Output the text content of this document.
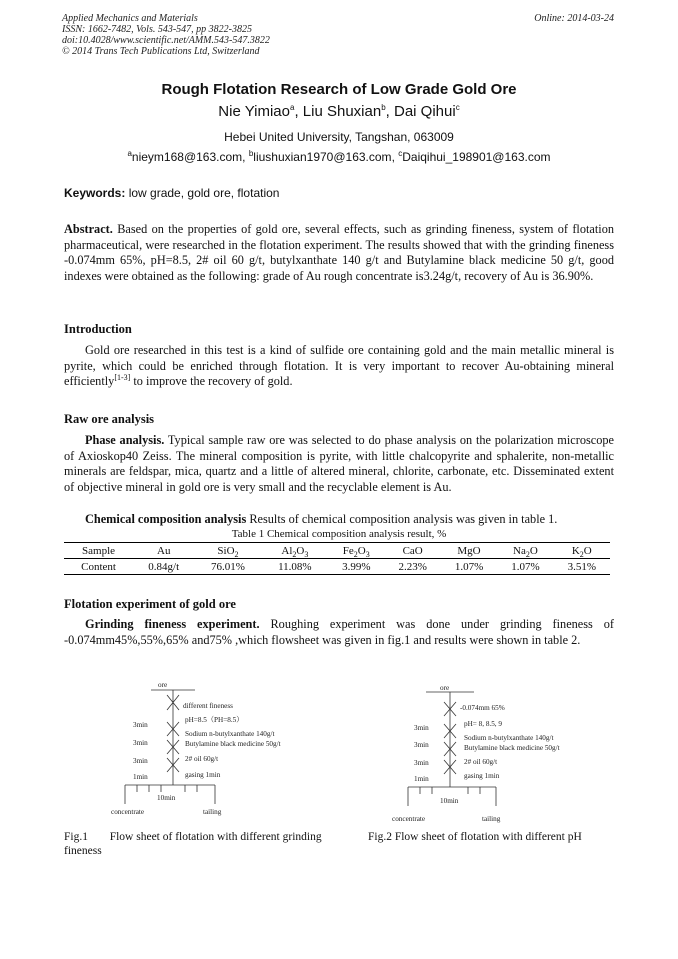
Applied Mechanics and Materials
ISSN: 1662-7482, Vols. 543-547, pp 3822-3825
doi:10.4028/www.scientific.net/AMM.543-547.3822
© 2014 Trans Tech Publications Ltd, Switzerland
Online: 2014-03-24
Rough Flotation Research of Low Grade Gold Ore
Nie Yimiao$^a$, Liu Shuxian$^b$, Dai Qihui$^c$
Hebei United University, Tangshan, 063009
$^a$nieym168@163.com, $^b$liushuxian1970@163.com, $^c$Daiqihui_198901@163.com
Keywords: low grade, gold ore, flotation
Abstract. Based on the properties of gold ore, several effects, such as grinding fineness, system of flotation pharmaceutical, were researched in the flotation experiment. The results showed that with the grinding fineness -0.074mm 65%, pH=8.5, 2# oil 60 g/t, butylxanthate 140 g/t and Butylamine black medicine 50 g/t, good indexes were obtained as the following: grade of Au rough concentrate is3.24g/t, recovery of Au is 36.90%.
Introduction
Gold ore researched in this test is a kind of sulfide ore containing gold and the main metallic mineral is pyrite, which could be enriched through flotation. It is very important to recover Au-obtaining mineral efficiently[1-3] to improve the recovery of gold.
Raw ore analysis
Phase analysis. Typical sample raw ore was selected to do phase analysis on the polarization microscope of Axioskop40 Zeiss. The mineral composition is pyrite, with little chalcopyrite and sphalerite, non-metallic minerals are feldspar, mica, quartz and a little of altered mineral, chlorite, carbonate, etc. Disseminated extent of objective mineral in gold ore is very small and the recyclable element is Au.
Chemical composition analysis Results of chemical composition analysis was given in table 1.
Table 1 Chemical composition analysis result, %
Sample	Au	SiO$_2$	$Al_2O_3$	$Fe_2O_3$	CaO	MgO	$Na_2O$	$K_2O$
Content	0.84g/t	76.01%	11.08%	3.99%	2.23%	1.07%	1.07%	3.51%
Flotation experiment of gold ore
Grinding fineness experiment. Roughing experiment was done under grinding fineness of -0.074mm45%,55%,65% and75% ,which flowsheet was given in fig.1 and results were shown in table 2.
ore
different fineness
pH=8.5（PH=8.5）
Sodium n-butylxanthate 140g/t
Butylamine black medicine 50g/t
2# oil 60g/t
gasing 1min
3min
3min
3min
1min
10min
concentrate	tailing
ore
-0.074mm 65%
pH= 8, 8.5, 9
Sodium n-butylxanthate 140g/t
Butylamine black medicine 50g/t
2# oil 60g/t
gasing 1min
3min
3min
3min
1min
10min
concentrate	tailing
Fig.1 Flow sheet of flotation with different grinding fineness
Fig.2 Flow sheet of flotation with different pH
